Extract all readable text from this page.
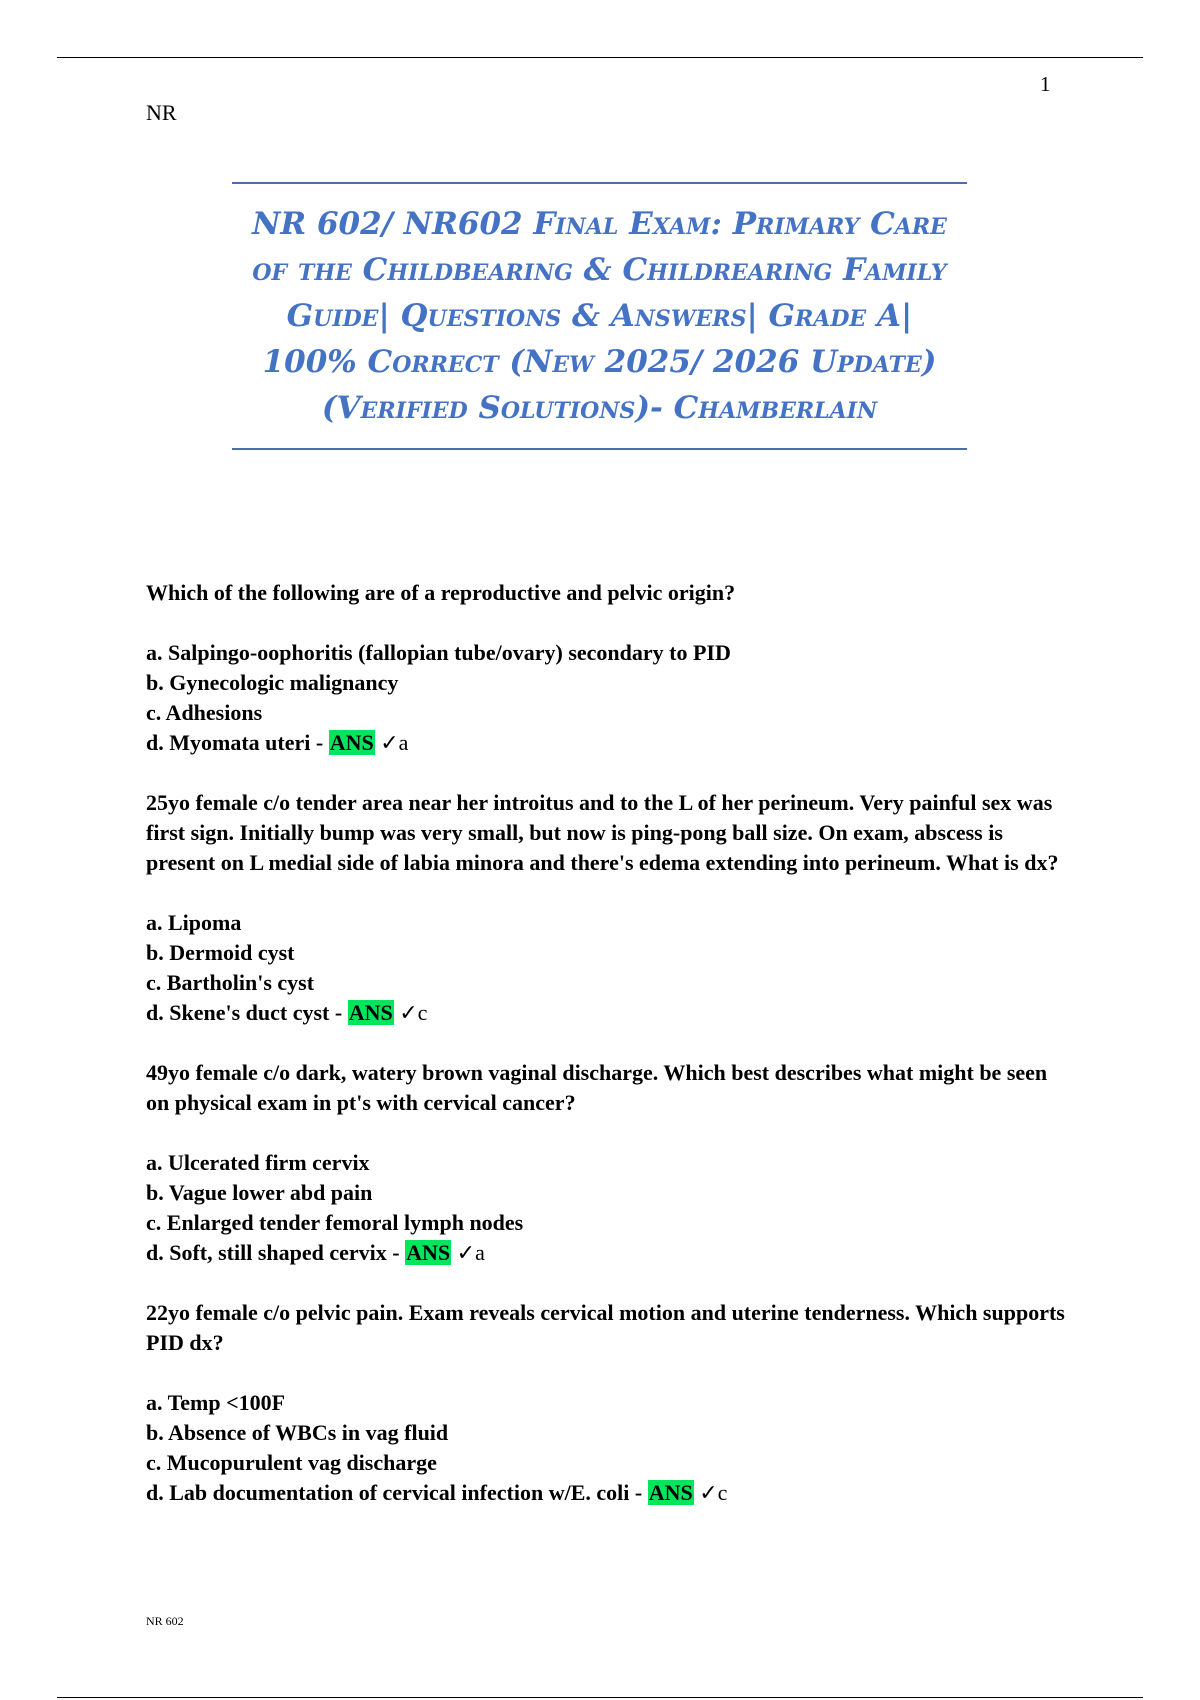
1
NR
NR 602/ NR602 Final Exam: Primary Care of the Childbearing & Childrearing Family Guide| Questions & Answers| Grade A| 100% Correct (New 2025/ 2026 Update) (Verified Solutions)- Chamberlain

Which of the following are of a reproductive and pelvic origin?

a. Salpingo-oophoritis (fallopian tube/ovary) secondary to PID

b. Gynecologic malignancy

c. Adhesions

d. Myomata uteri - ANS ✓a

25yo female c/o tender area near her introitus and to the L of her perineum. Very painful sex was first sign. Initially bump was very small, but now is ping-pong ball size. On exam, abscess is present on L medial side of labia minora and there's edema extending into perineum. What is dx?

a. Lipoma

b. Dermoid cyst

c. Bartholin's cyst

d. Skene's duct cyst - ANS ✓c

49yo female c/o dark, watery brown vaginal discharge. Which best describes what might be seen on physical exam in pt's with cervical cancer?

a. Ulcerated firm cervix

b. Vague lower abd pain

c. Enlarged tender femoral lymph nodes

d. Soft, still shaped cervix - ANS ✓a

22yo female c/o pelvic pain. Exam reveals cervical motion and uterine tenderness. Which supports PID dx?

a. Temp <100F

b. Absence of WBCs in vag fluid

c. Mucopurulent vag discharge

d. Lab documentation of cervical infection w/E. coli - ANS ✓c

NR 602
